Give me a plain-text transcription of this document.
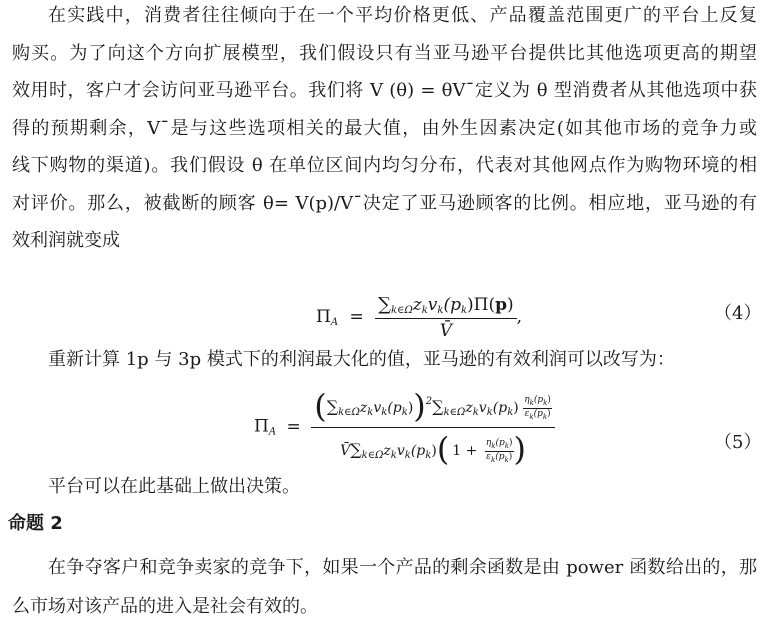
在实践中，消费者往往倾向于在一个平均价格更低、产品覆盖范围更广的平台上反复
购买。为了向这个方向扩展模型，我们假设只有当亚马逊平台提供比其他选项更高的期望
效用时，客户才会访问亚马逊平台。我们将 V (θ) = θV¯定义为 θ 型消费者从其他选项中获
得的预期剩余，V¯是与这些选项相关的最大值，由外生因素决定(如其他市场的竞争力或
线下购物的渠道)。我们假设 θ 在单位区间内均匀分布，代表对其他网点作为购物环境的相
对评价。那么，被截断的顾客 θ= V(p)/V¯决定了亚马逊顾客的比例。相应地，亚马逊的有
效利润就变成
$\Pi_A = \frac{\sum_{k\in\Omega}z_kv_k(p_k)\Pi(p)}{V̄}$ ,	（4）
重新计算 1p 与 3p 模式下的利润最大化的值，亚马逊的有效利润可以改写为：
$\Pi_A$ =
$(\sum_{k\in\Omega}z_kv_k(p_k))^2\sum_{k\in\Omega}z_kv_k(p_k) \frac{\eta_k(p_k)}{\varepsilon_k(p_k)}$
$V̄\sum_{k\in\Omega}z_kv_k(p_k)$( $1 + \frac{\eta_k(p_k)}{\varepsilon_k(p_k)}$ )	（5）
平台可以在此基础上做出决策。
命题 2
在争夺客户和竞争卖家的竞争下，如果一个产品的剩余函数是由 power 函数给出的，那
么市场对该产品的进入是社会有效的。
